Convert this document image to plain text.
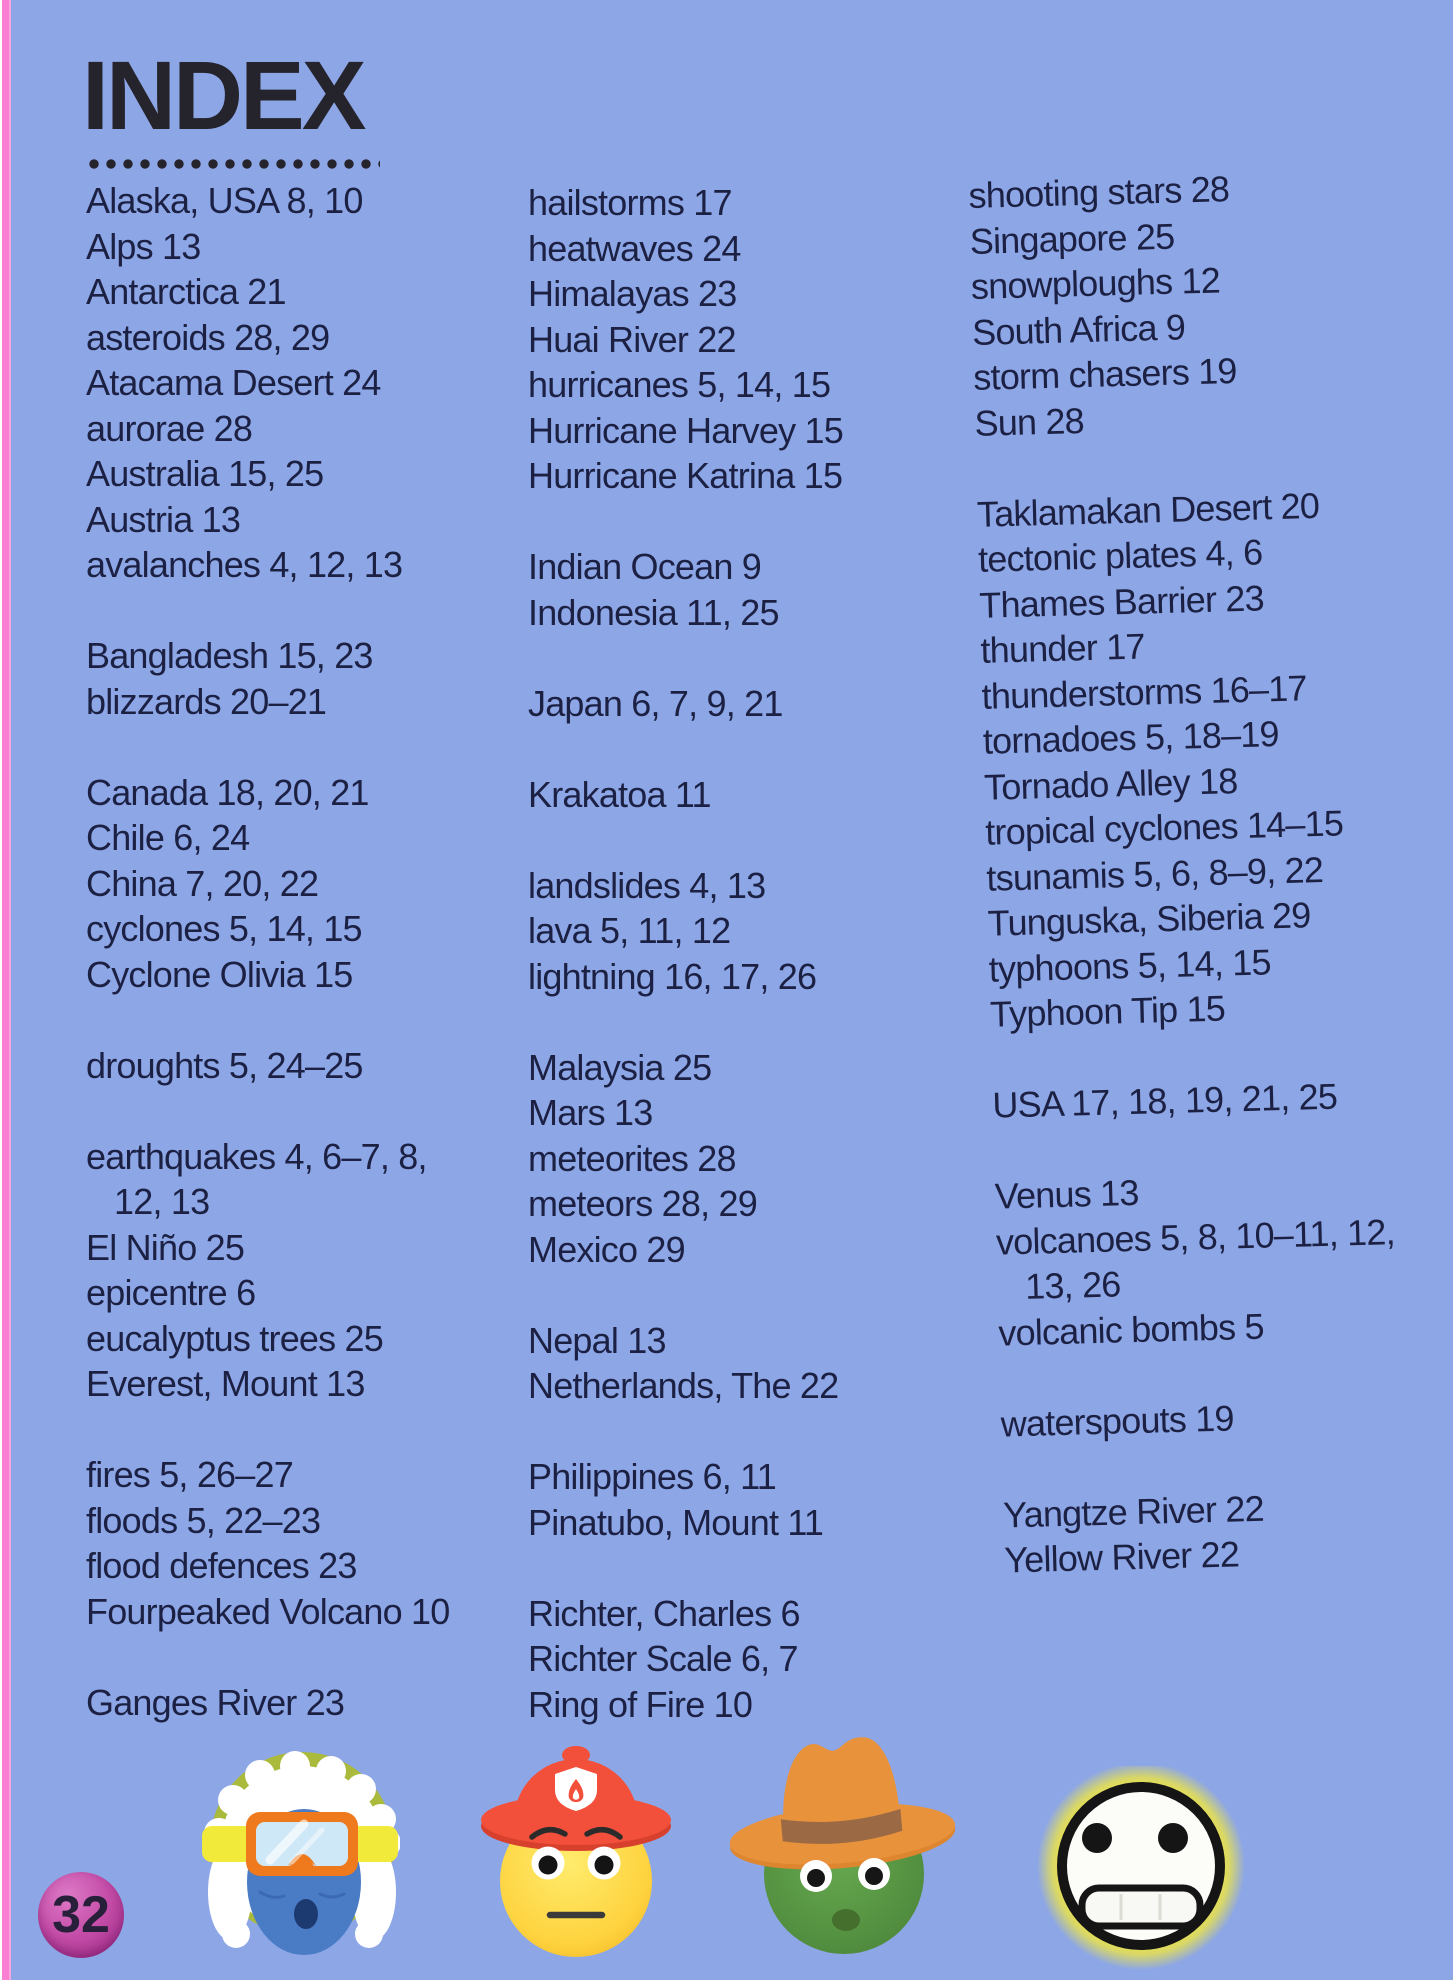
INDEX
Alaska, USA 8, 10
Alps 13
Antarctica 21
asteroids 28, 29
Atacama Desert 24
aurorae 28
Australia 15, 25
Austria 13
avalanches 4, 12, 13
Bangladesh 15, 23
blizzards 20–21
Canada 18, 20, 21
Chile 6, 24
China 7, 20, 22
cyclones 5, 14, 15
Cyclone Olivia 15
droughts 5, 24–25
earthquakes 4, 6–7, 8,
12, 13
El Niño 25
epicentre 6
eucalyptus trees 25
Everest, Mount 13
fires 5, 26–27
floods 5, 22–23
flood defences 23
Fourpeaked Volcano 10
Ganges River 23
hailstorms 17
heatwaves 24
Himalayas 23
Huai River 22
hurricanes 5, 14, 15
Hurricane Harvey 15
Hurricane Katrina 15
Indian Ocean 9
Indonesia 11, 25
Japan 6, 7, 9, 21
Krakatoa 11
landslides 4, 13
lava 5, 11, 12
lightning 16, 17, 26
Malaysia 25
Mars 13
meteorites 28
meteors 28, 29
Mexico 29
Nepal 13
Netherlands, The 22
Philippines 6, 11
Pinatubo, Mount 11
Richter, Charles 6
Richter Scale 6, 7
Ring of Fire 10
shooting stars 28
Singapore 25
snowploughs 12
South Africa 9
storm chasers 19
Sun 28
Taklamakan Desert 20
tectonic plates 4, 6
Thames Barrier 23
thunder 17
thunderstorms 16–17
tornadoes 5, 18–19
Tornado Alley 18
tropical cyclones 14–15
tsunamis 5, 6, 8–9, 22
Tunguska, Siberia 29
typhoons 5, 14, 15
Typhoon Tip 15
USA 17, 18, 19, 21, 25
Venus 13
volcanoes 5, 8, 10–11, 12,
13, 26
volcanic bombs 5
waterspouts 19
Yangtze River 22
Yellow River 22
32
